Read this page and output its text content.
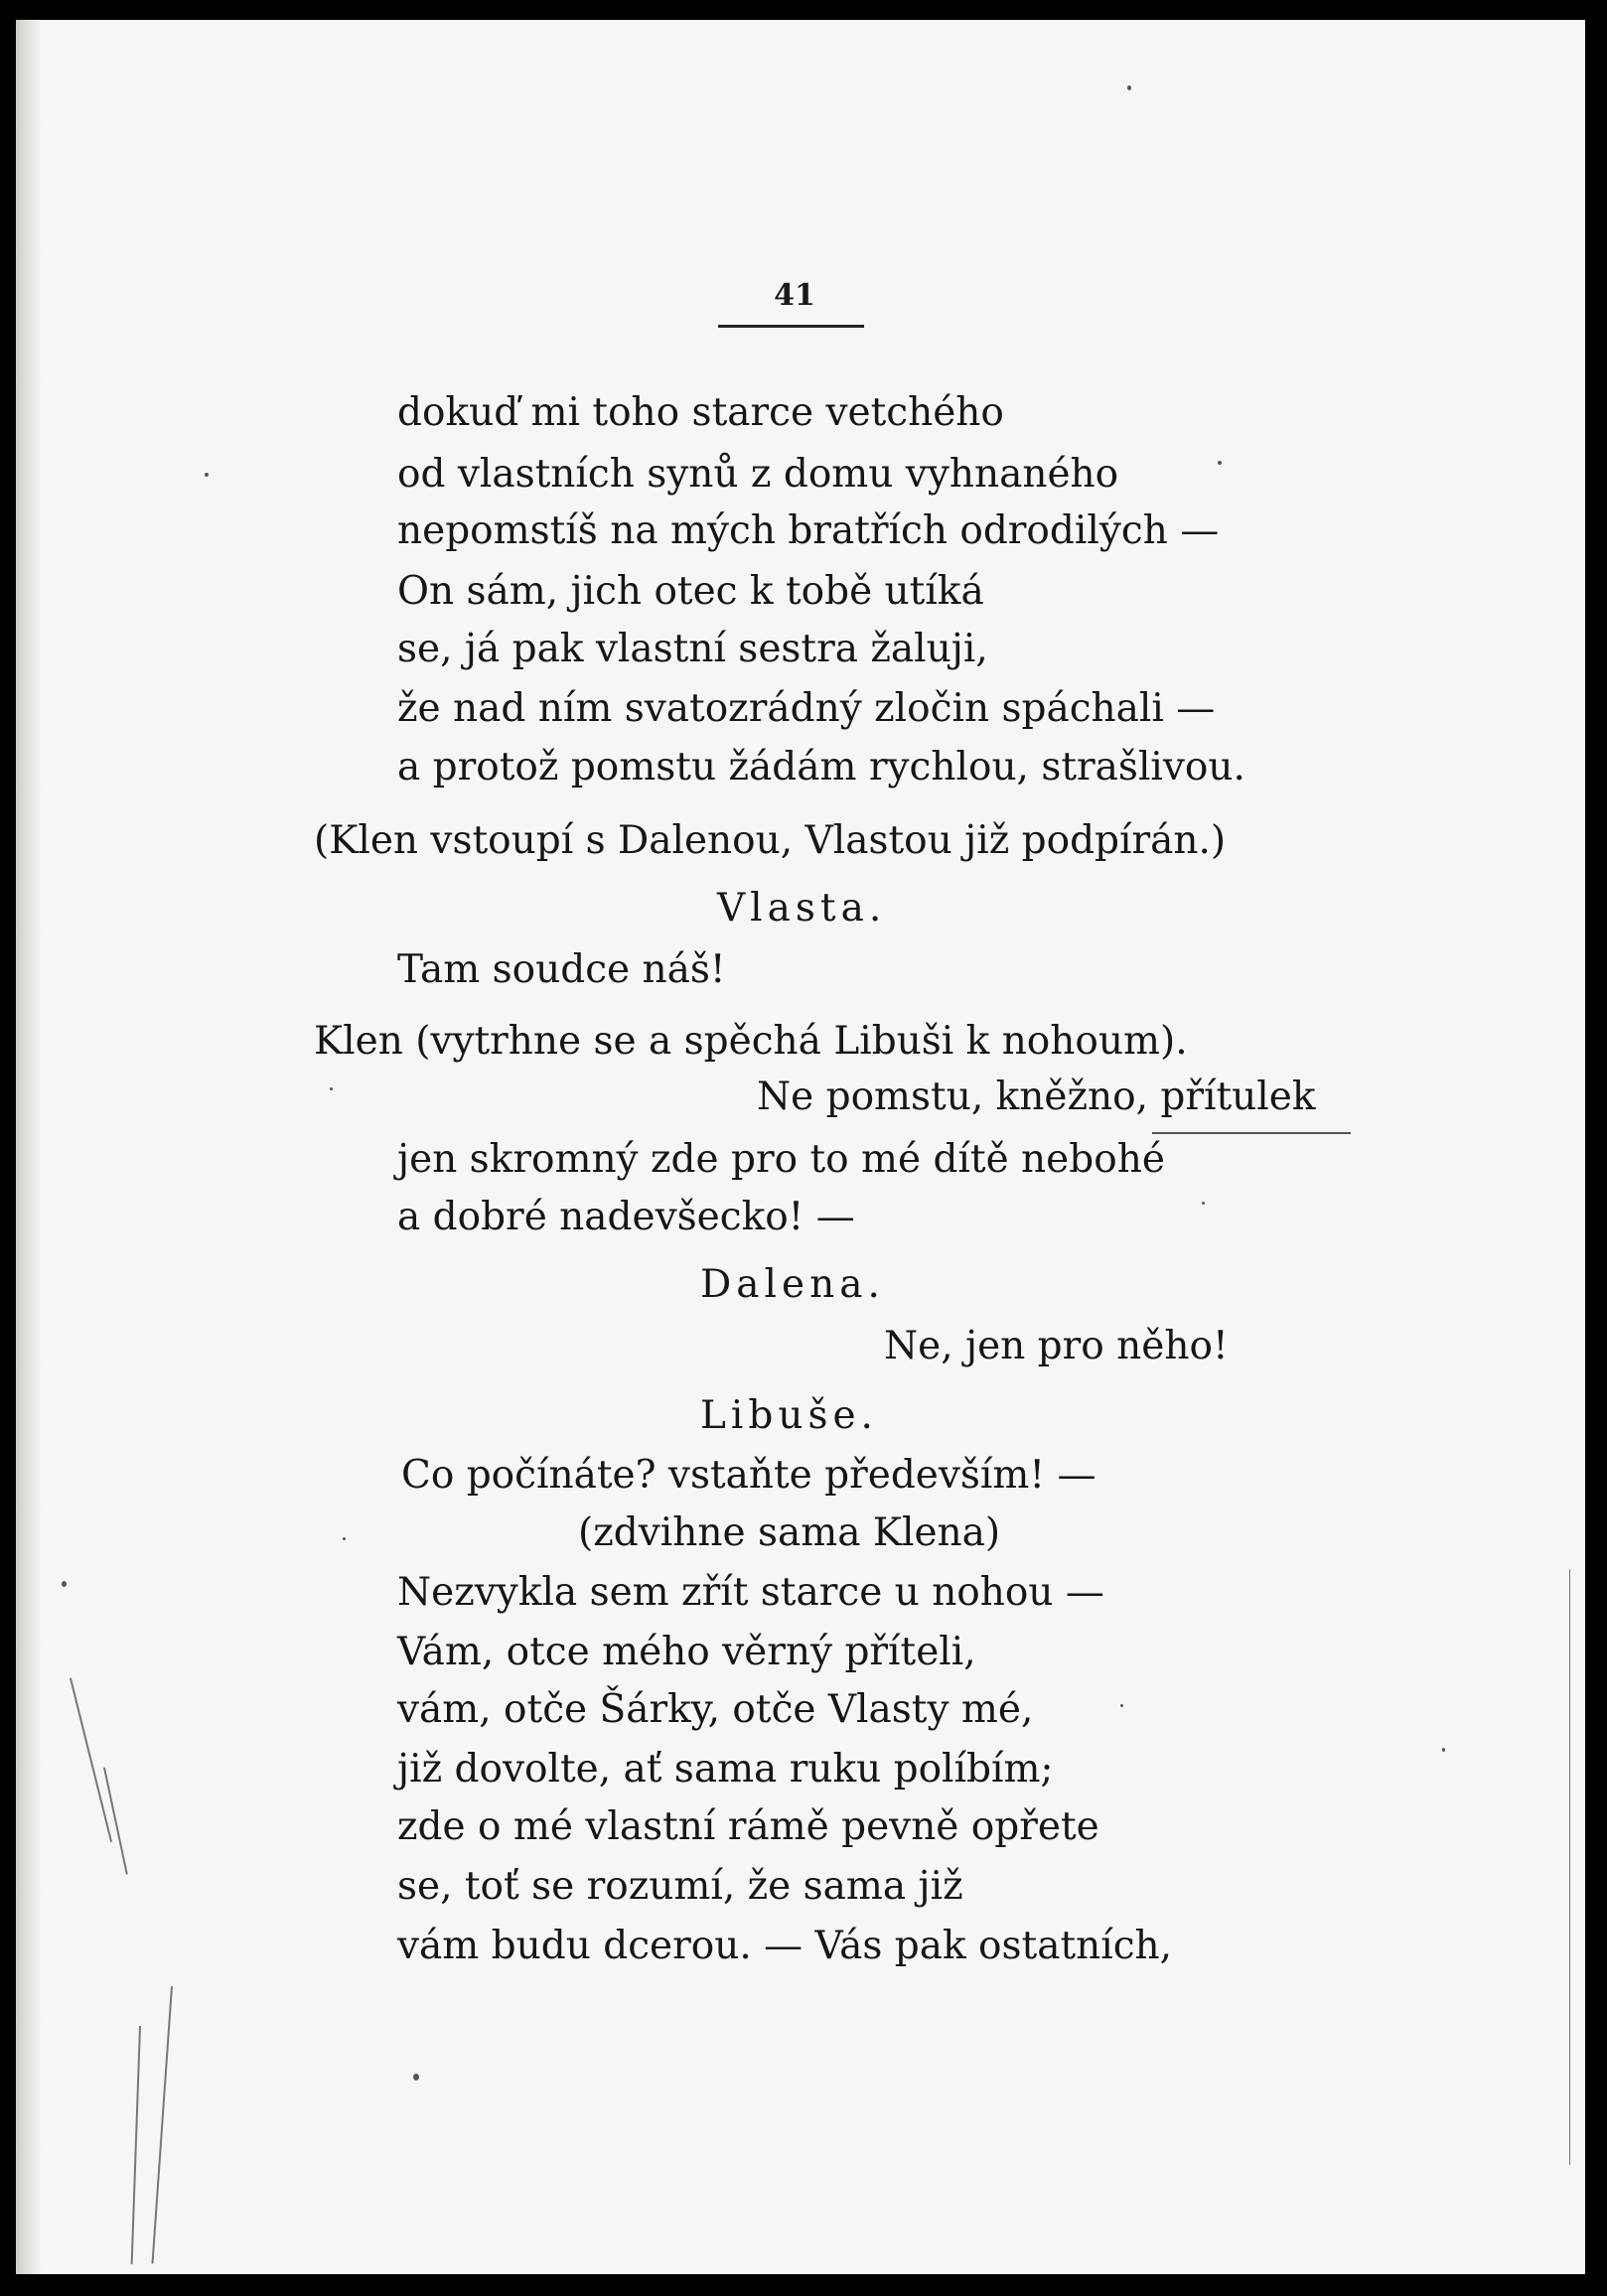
41
dokuď mi toho starce vetchého
od vlastních synů z domu vyhnaného
nepomstíš na mých bratřích odrodilých —
On sám, jich otec k tobě utíká
se, já pak vlastní sestra žaluji,
že nad ním svatozrádný zločin spáchali —
a protož pomstu žádám rychlou, strašlivou.
(Klen vstoupí s Dalenou, Vlastou již podpírán.)
Vlasta.
Tam soudce náš!
Klen (vytrhne se a spěchá Libuši k nohoum).
Ne pomstu, kněžno, přítulek
jen skromný zde pro to mé dítě nebohé
a dobré nadevšecko! —
Dalena.
Ne, jen pro něho!
Libuše.
Co počínáte? vstaňte především! —
(zdvihne sama Klena)
Nezvykla sem zřít starce u nohou —
Vám, otce mého věrný příteli,
vám, otče Šárky, otče Vlasty mé,
již dovolte, ať sama ruku políbím;
zde o mé vlastní rámě pevně opřete
se, toť se rozumí, že sama již
vám budu dcerou. — Vás pak ostatních,
